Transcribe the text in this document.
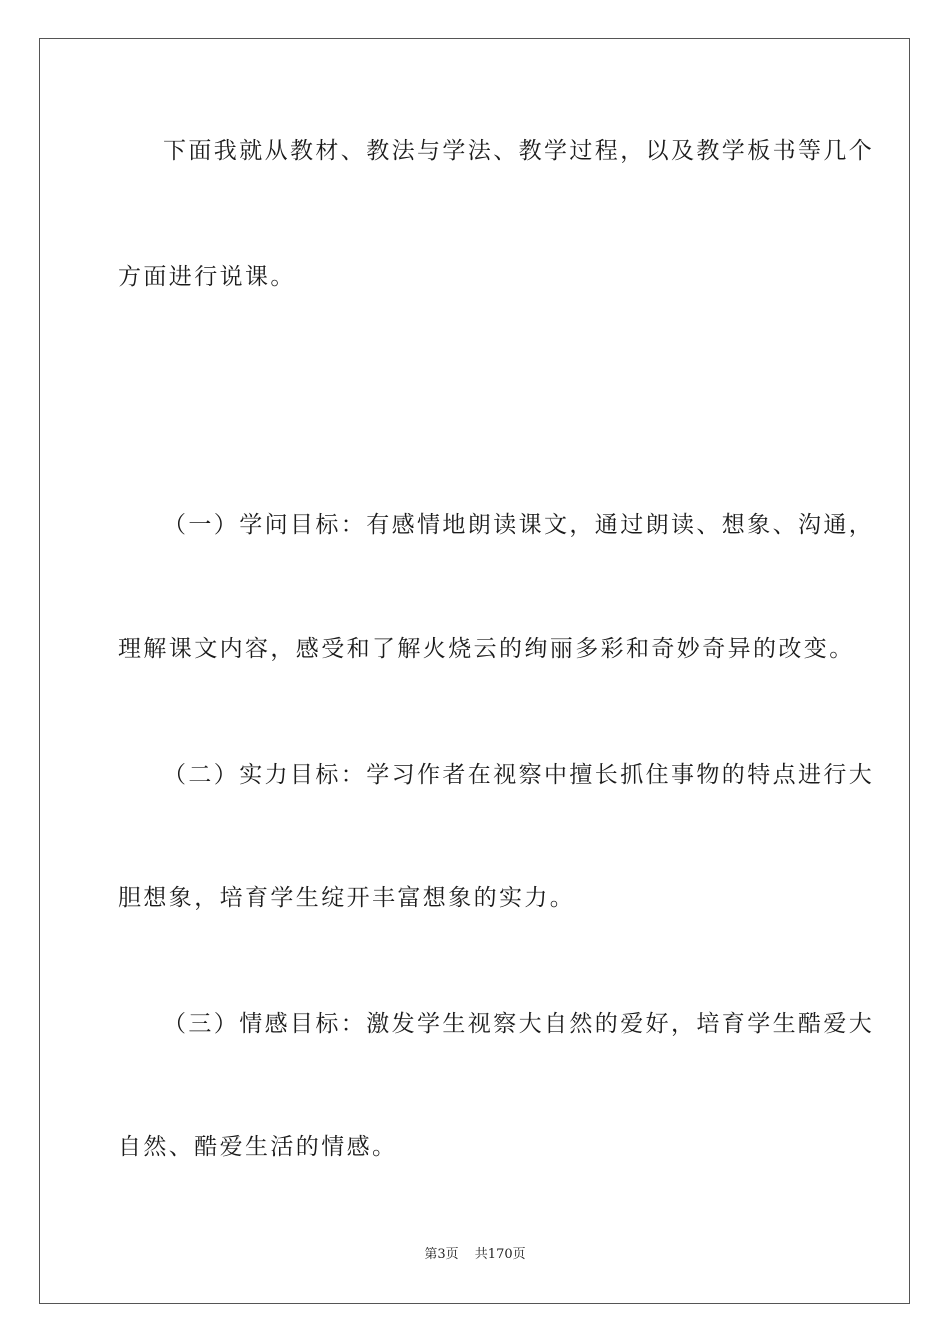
下面我就从教材、教法与学法、教学过程，以及教学板书等几个
方面进行说课。
（一）学问目标：有感情地朗读课文，通过朗读、想象、沟通，
理解课文内容，感受和了解火烧云的绚丽多彩和奇妙奇异的改变。
（二）实力目标：学习作者在视察中擅长抓住事物的特点进行大
胆想象，培育学生绽开丰富想象的实力。
（三）情感目标：激发学生视察大自然的爱好，培育学生酷爱大
自然、酷爱生活的情感。
第3页 共170页
